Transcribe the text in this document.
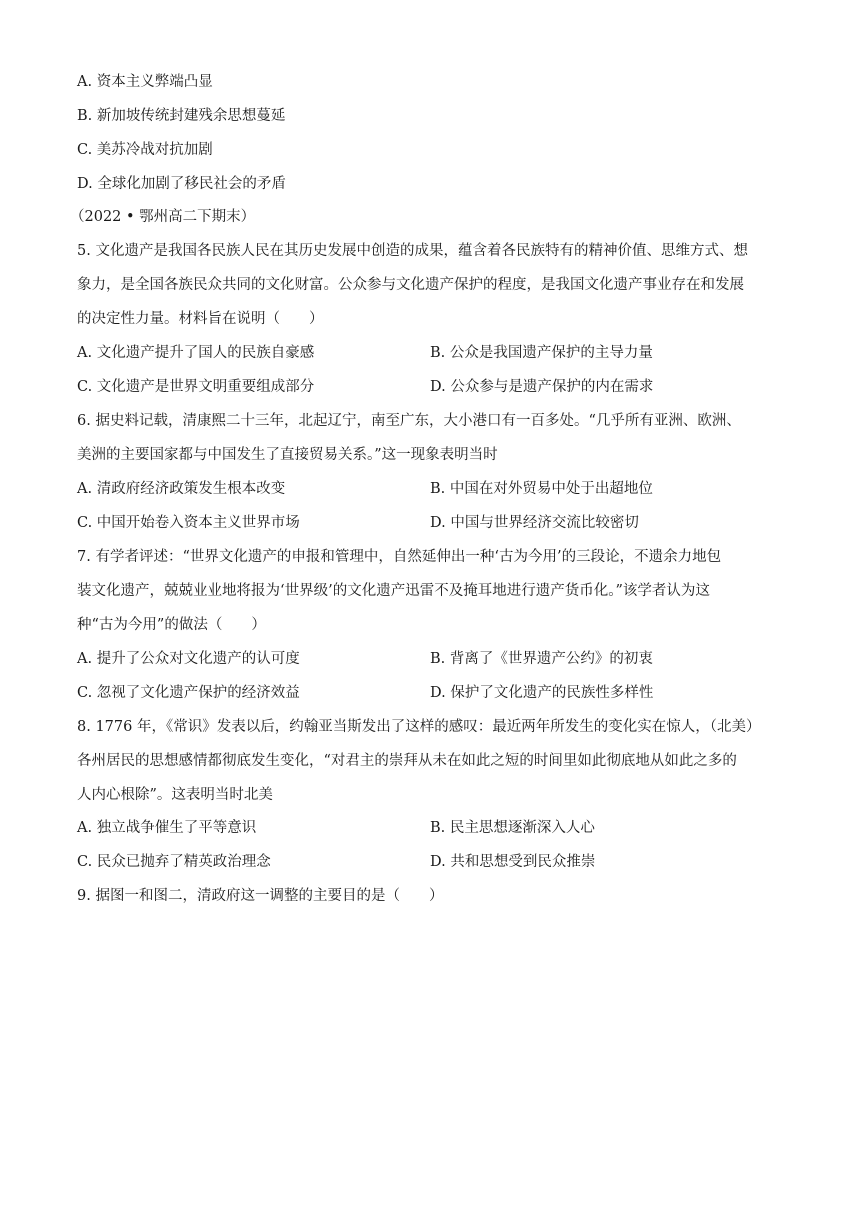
A. 资本主义弊端凸显
B. 新加坡传统封建残余思想蔓延
C. 美苏冷战对抗加剧
D. 全球化加剧了移民社会的矛盾
（2022 • 鄂州高二下期末）
5. 文化遗产是我国各民族人民在其历史发展中创造的成果，蕴含着各民族特有的精神价值、思维方式、想
象力，是全国各族民众共同的文化财富。公众参与文化遗产保护的程度，是我国文化遗产事业存在和发展
的决定性力量。材料旨在说明（　　）
A. 文化遗产提升了国人的民族自豪感	B. 公众是我国遗产保护的主导力量
C. 文化遗产是世界文明重要组成部分	D. 公众参与是遗产保护的内在需求
6. 据史料记载，清康熙二十三年，北起辽宁，南至广东，大小港口有一百多处。“几乎所有亚洲、欧洲、
美洲的主要国家都与中国发生了直接贸易关系。”这一现象表明当时
A. 清政府经济政策发生根本改变	B. 中国在对外贸易中处于出超地位
C. 中国开始卷入资本主义世界市场	D. 中国与世界经济交流比较密切
7. 有学者评述：“世界文化遗产的申报和管理中，自然延伸出一种‘古为今用’的三段论，不遗余力地包
装文化遗产，兢兢业业地将报为‘世界级’的文化遗产迅雷不及掩耳地进行遗产货币化。”该学者认为这
种“古为今用”的做法（　　）
A. 提升了公众对文化遗产的认可度	B. 背离了《世界遗产公约》的初衷
C. 忽视了文化遗产保护的经济效益	D. 保护了文化遗产的民族性多样性
8. 1776 年，《常识》发表以后，约翰亚当斯发出了这样的感叹：最近两年所发生的变化实在惊人，（北美）
各州居民的思想感情都彻底发生变化，“对君主的崇拜从未在如此之短的时间里如此彻底地从如此之多的
人内心根除”。这表明当时北美
A. 独立战争催生了平等意识	B. 民主思想逐渐深入人心
C. 民众已抛弃了精英政治理念	D. 共和思想受到民众推崇
9. 据图一和图二，清政府这一调整的主要目的是（　　）
